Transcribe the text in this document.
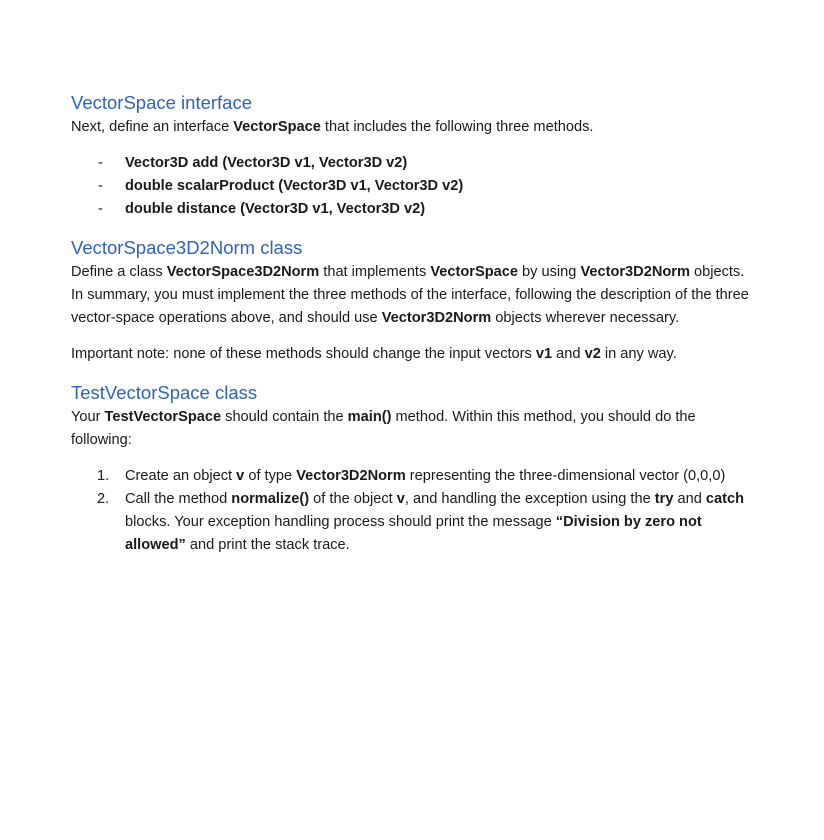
VectorSpace interface

Next, define an interface VectorSpace that includes the following three methods.

- Vector3D add (Vector3D v1, Vector3D v2)
- double scalarProduct (Vector3D v1, Vector3D v2)
- double distance (Vector3D v1, Vector3D v2)
VectorSpace3D2Norm class

Define a class VectorSpace3D2Norm that implements VectorSpace by using Vector3D2Norm objects. In summary, you must implement the three methods of the interface, following the description of the three vector-space operations above, and should use Vector3D2Norm objects wherever necessary.

Important note: none of these methods should change the input vectors v1 and v2 in any way.

TestVectorSpace class

Your TestVectorSpace should contain the main() method. Within this method, you should do the following:

1. Create an object v of type Vector3D2Norm representing the three-dimensional vector (0,0,0)
2. Call the method normalize() of the object v, and handling the exception using the try and catch blocks. Your exception handling process should print the message “Division by zero not allowed” and print the stack trace.
